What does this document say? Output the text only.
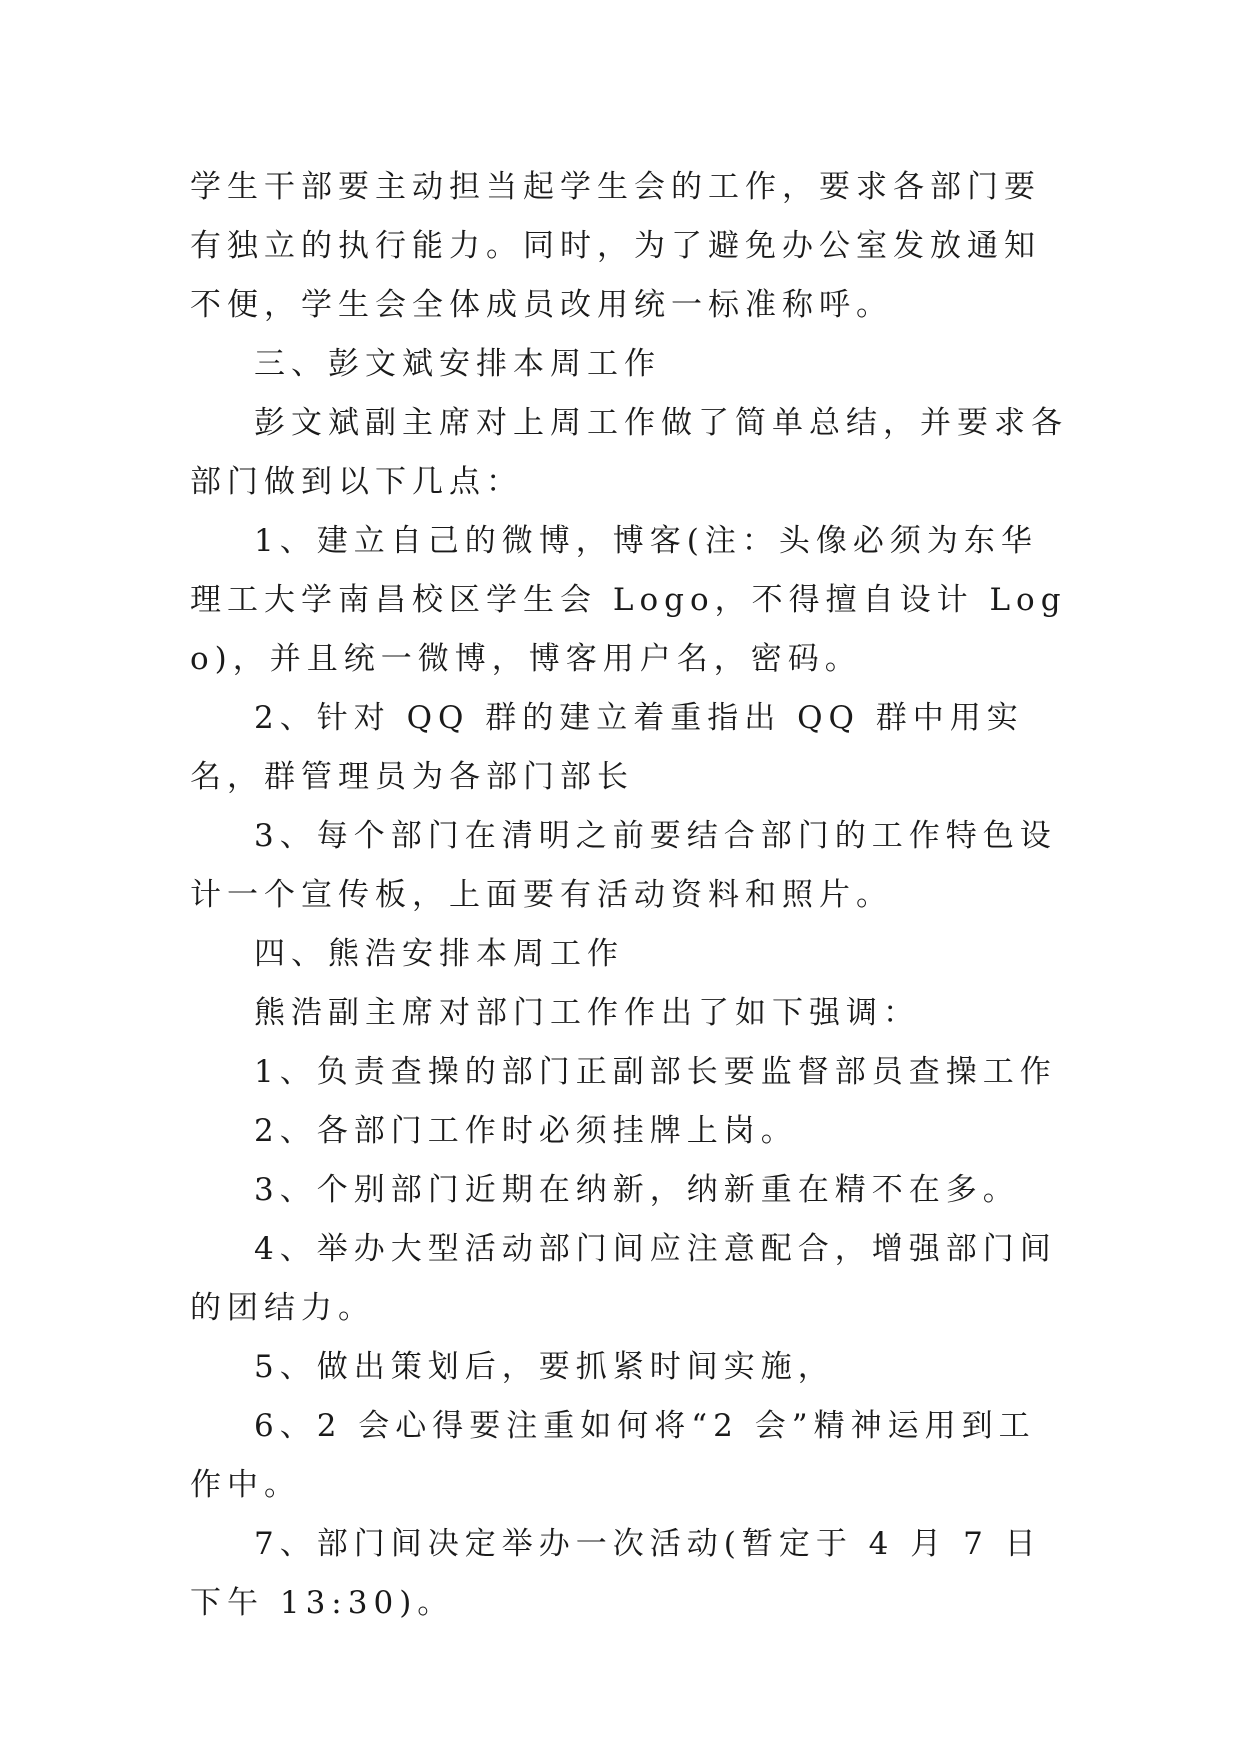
学生干部要主动担当起学生会的工作，要求各部门要有独立的执行能力。同时，为了避免办公室发放通知不便，学生会全体成员改用统一标准称呼。

三、彭文斌安排本周工作

彭文斌副主席对上周工作做了简单总结，并要求各部门做到以下几点：

1、建立自己的微博，博客(注：头像必须为东华理工大学南昌校区学生会 Logo，不得擅自设计 Logo)，并且统一微博，博客用户名，密码。

2、针对 QQ 群的建立着重指出 QQ 群中用实名，群管理员为各部门部长

3、每个部门在清明之前要结合部门的工作特色设计一个宣传板，上面要有活动资料和照片。

四、熊浩安排本周工作

熊浩副主席对部门工作作出了如下强调：

1、负责查操的部门正副部长要监督部员查操工作

2、各部门工作时必须挂牌上岗。

3、个别部门近期在纳新，纳新重在精不在多。

4、举办大型活动部门间应注意配合，增强部门间的团结力。

5、做出策划后，要抓紧时间实施，

6、2 会心得要注重如何将“2 会”精神运用到工作中。

7、部门间决定举办一次活动(暂定于 4 月 7 日下午 13:30)。
